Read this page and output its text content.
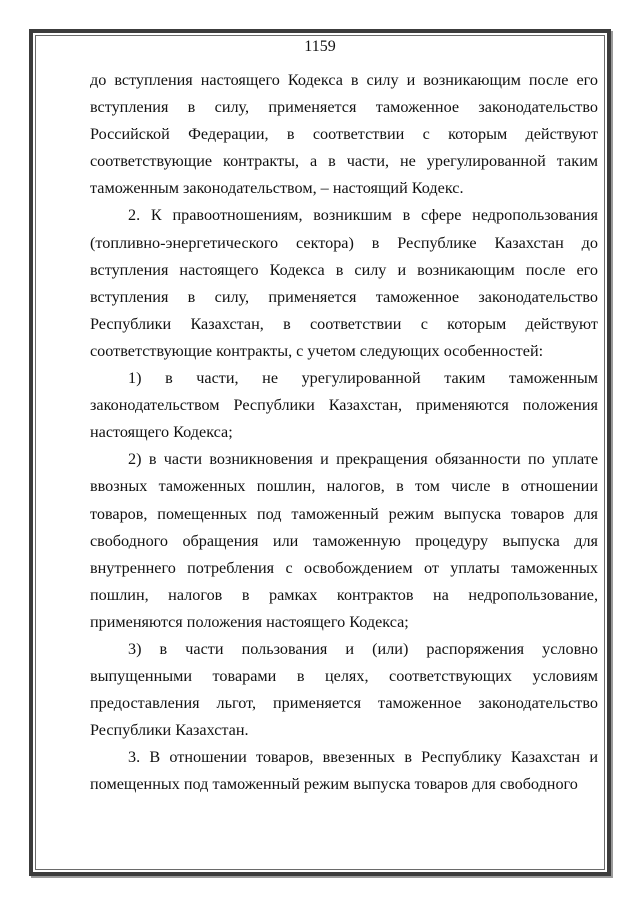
1159

до вступления настоящего Кодекса в силу и возникающим после его вступления в силу, применяется таможенное законодательство Российской Федерации, в соответствии с которым действуют соответствующие контракты, а в части, не урегулированной таким таможенным законодательством, – настоящий Кодекс.

2. К правоотношениям, возникшим в сфере недропользования (топливно-энергетического сектора) в Республике Казахстан до вступления настоящего Кодекса в силу и возникающим после его вступления в силу, применяется таможенное законодательство Республики Казахстан, в соответствии с которым действуют соответствующие контракты, с учетом следующих особенностей:

1) в части, не урегулированной таким таможенным законодательством Республики Казахстан, применяются положения настоящего Кодекса;

2) в части возникновения и прекращения обязанности по уплате ввозных таможенных пошлин, налогов, в том числе в отношении товаров, помещенных под таможенный режим выпуска товаров для свободного обращения или таможенную процедуру выпуска для внутреннего потребления с освобождением от уплаты таможенных пошлин, налогов в рамках контрактов на недропользование, применяются положения настоящего Кодекса;

3) в части пользования и (или) распоряжения условно выпущенными товарами в целях, соответствующих условиям предоставления льгот, применяется таможенное законодательство Республики Казахстан.

3. В отношении товаров, ввезенных в Республику Казахстан и помещенных под таможенный режим выпуска товаров для свободного
